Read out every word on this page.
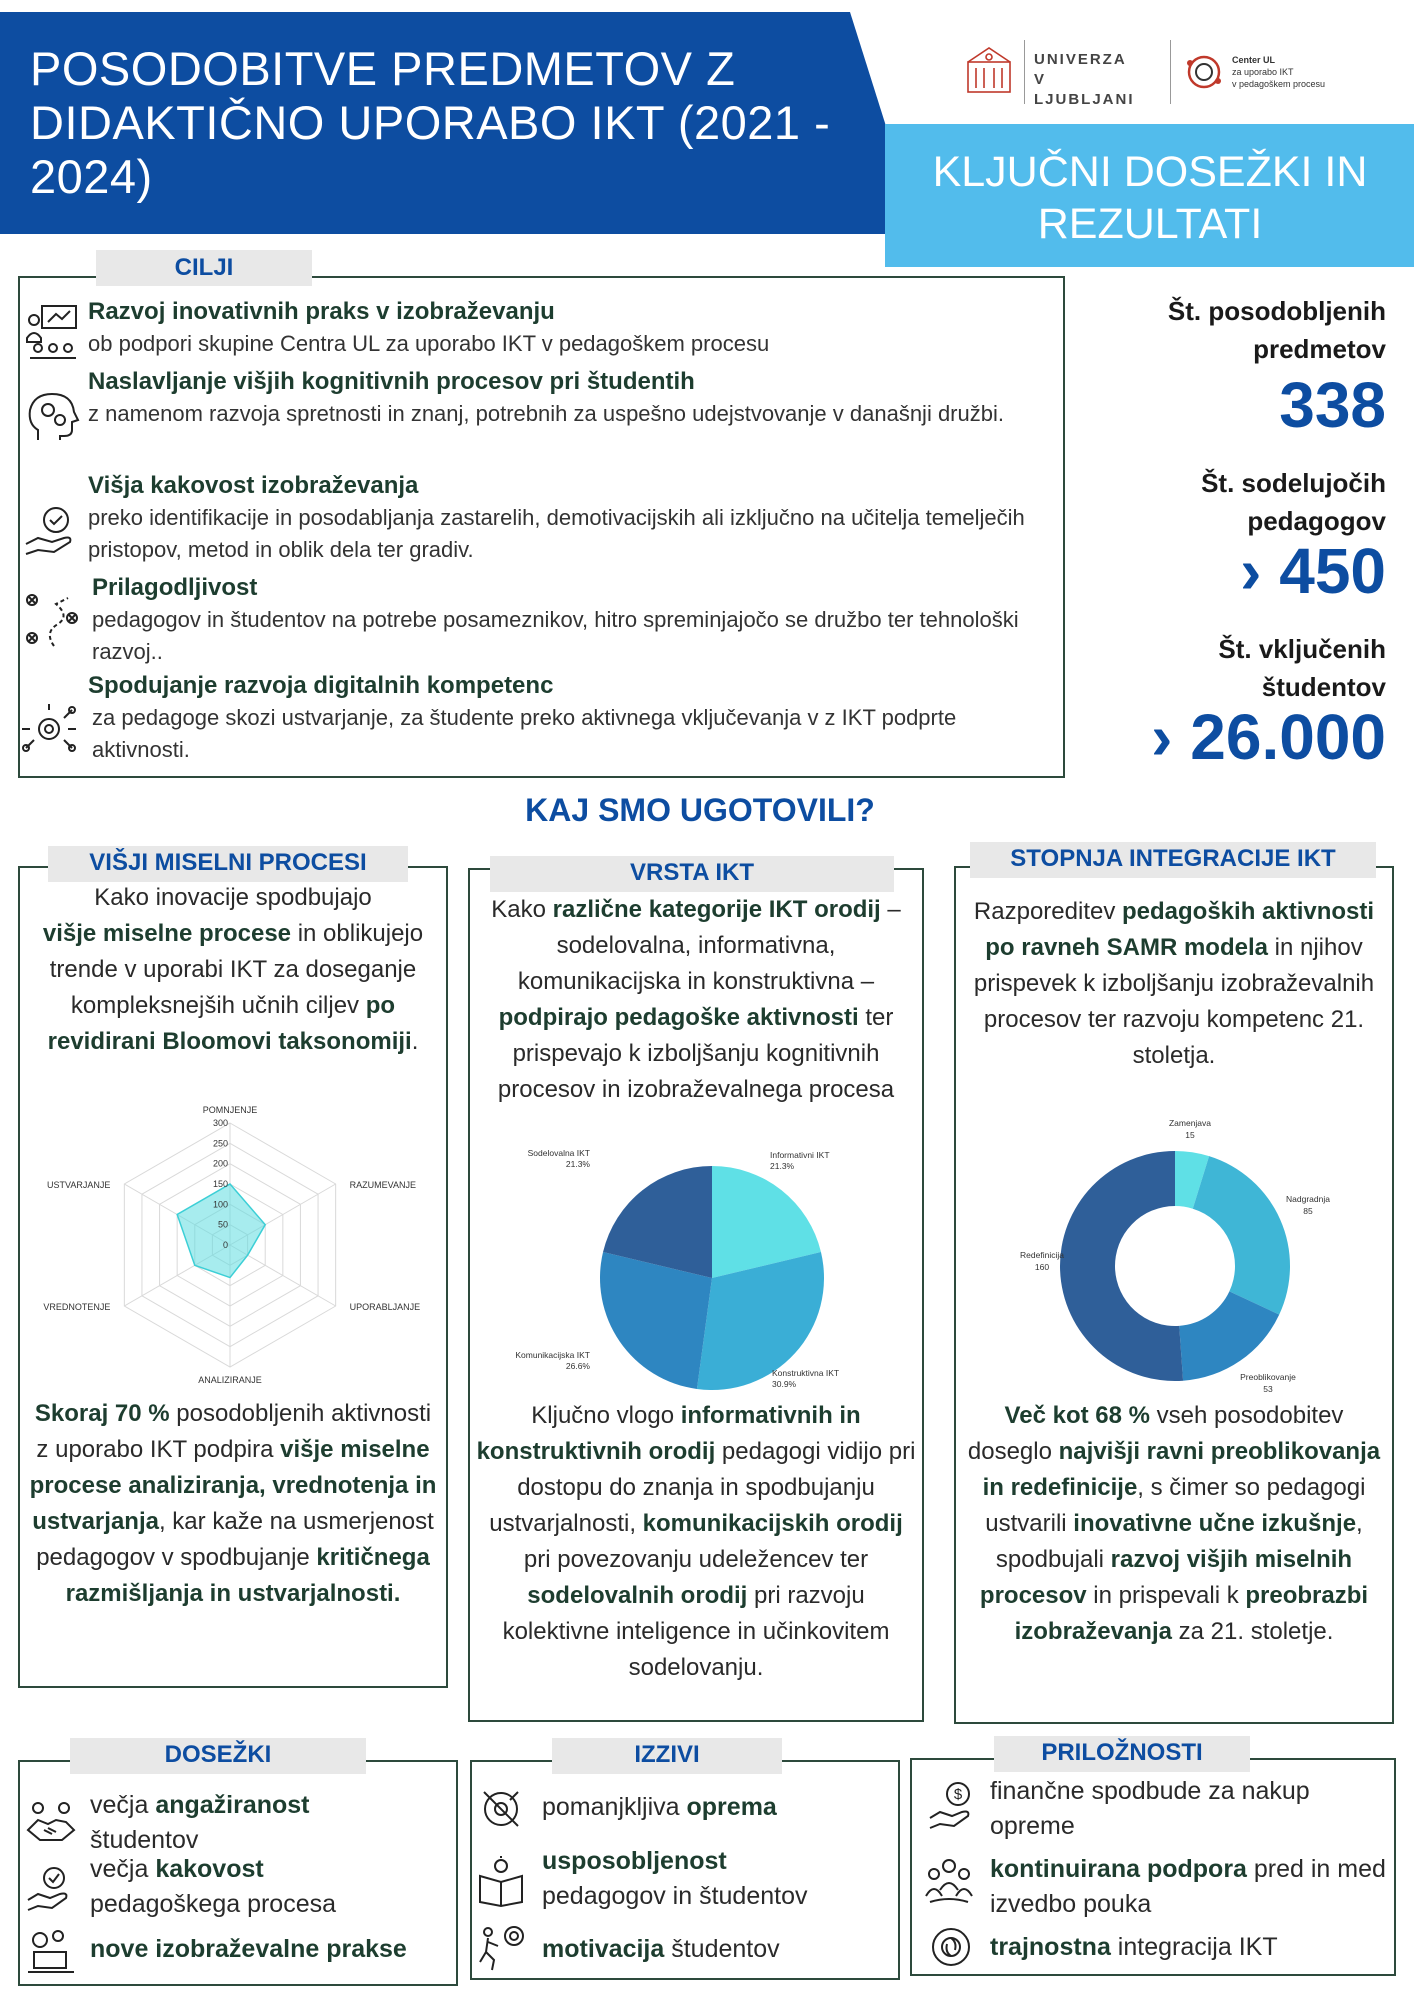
POSODOBITVE PREDMETOV Z DIDAKTIČNO UPORABO IKT (2021 - 2024)
UNIVERZA
V LJUBLJANI
Center UL
za uporabo IKT
v pedagoškem procesu
KLJUČNI DOSEŽKI IN REZULTATI
CILJI
Razvoj inovativnih praks v izobraževanju
ob podpori skupine Centra UL za uporabo IKT v pedagoškem procesu
Naslavljanje višjih kognitivnih procesov pri študentih
z namenom razvoja spretnosti in znanj, potrebnih za uspešno udejstvovanje v današnji družbi.
Višja kakovost izobraževanja
preko identifikacije in posodabljanja zastarelih, demotivacijskih ali izključno na učitelja temelječih pristopov, metod in oblik dela ter gradiv.
Prilagodljivost
pedagogov in študentov na potrebe posameznikov, hitro spreminjajočo se družbo ter tehnološki razvoj..
Spodujanje razvoja digitalnih kompetenc
za pedagoge skozi ustvarjanje, za študente preko aktivnega vključevanja v z IKT podprte aktivnosti.
Št. posodobljenih
predmetov
338
Št. sodelujočih
pedagogov
› 450
Št. vključenih
študentov
› 26.000
KAJ SMO UGOTOVILI?
VIŠJI MISELNI PROCESI
Kako inovacije spodbujajo
višje miselne procese in oblikujejo trende v uporabi IKT za doseganje kompleksnejših učnih ciljev po revidirani Bloomovi taksonomiji.
0
50
100
150
200
250
300
POMNJENJE
RAZUMEVANJE
UPORABLJANJE
ANALIZIRANJE
VREDNOTENJE
USTVARJANJE
Skoraj 70 % posodobljenih aktivnosti z uporabo IKT podpira višje miselne procese analiziranja, vrednotenja in ustvarjanja, kar kaže na usmerjenost pedagogov v spodbujanje kritičnega razmišljanja in ustvarjalnosti.
VRSTA IKT
Kako različne kategorije IKT orodij – sodelovalna, informativna, komunikacijska in konstruktivna – podpirajo pedagoške aktivnosti ter prispevajo k izboljšanju kognitivnih procesov in izobraževalnega procesa
Informativni IKT
21.3%
Konstruktivna IKT
30.9%
Komunikacijska IKT
26.6%
Sodelovalna IKT
21.3%
Ključno vlogo informativnih in konstruktivnih orodij pedagogi vidijo pri dostopu do znanja in spodbujanju ustvarjalnosti, komunikacijskih orodij pri povezovanju udeležencev ter sodelovalnih orodij pri razvoju kolektivne inteligence in učinkovitem sodelovanju.
STOPNJA INTEGRACIJE IKT
Razporeditev pedagoških aktivnosti po ravneh SAMR modela in njihov prispevek k izboljšanju izobraževalnih procesov ter razvoju kompetenc 21. stoletja.
Zamenjava
15
Nadgradnja
85
Preoblikovanje
53
Redefinicija
160
Več kot 68 % vseh posodobitev doseglo najvišji ravni preoblikovanja in redefinicije, s čimer so pedagogi ustvarili inovativne učne izkušnje, spodbujali razvoj višjih miselnih procesov in prispevali k preobrazbi izobraževanja za 21. stoletje.
DOSEŽKI
večja angažiranost
študentov
večja kakovost
pedagoškega procesa
nove izobraževalne prakse
IZZIVI
pomanjkljiva oprema
usposobljenost
pedagogov in študentov
motivacija študentov
PRILOŽNOSTI
$ finančne spodbude za nakup opreme
kontinuirana podpora pred in med izvedbo pouka
trajnostna integracija IKT
